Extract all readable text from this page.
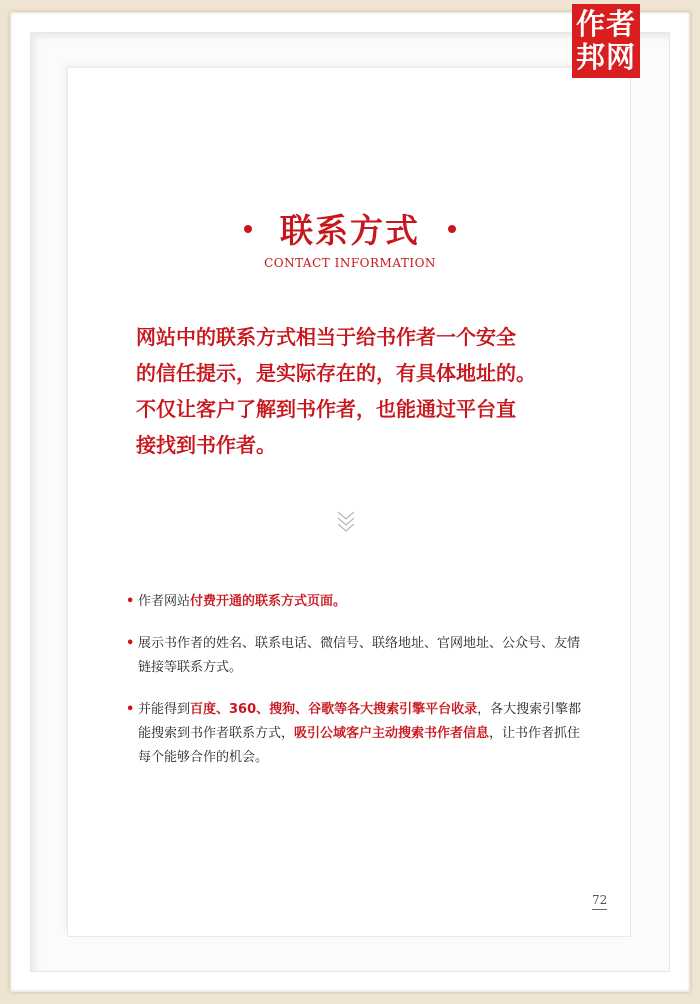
作者
邦网
联系方式
CONTACT INFORMATION

网站中的联系方式相当于给书作者一个安全

的信任提示，是实际存在的，有具体地址的。

不仅让客户了解到书作者，也能通过平台直

接找到书作者。

• 作者网站付费开通的联系方式页面。
• 展示书作者的姓名、联系电话、微信号、联络地址、官网地址、公众号、友情链接等联系方式。
• 并能得到百度、360、搜狗、谷歌等各大搜索引擎平台收录，各大搜索引擎都能搜索到书作者联系方式，吸引公域客户主动搜索书作者信息，让书作者抓住每个能够合作的机会。
72
